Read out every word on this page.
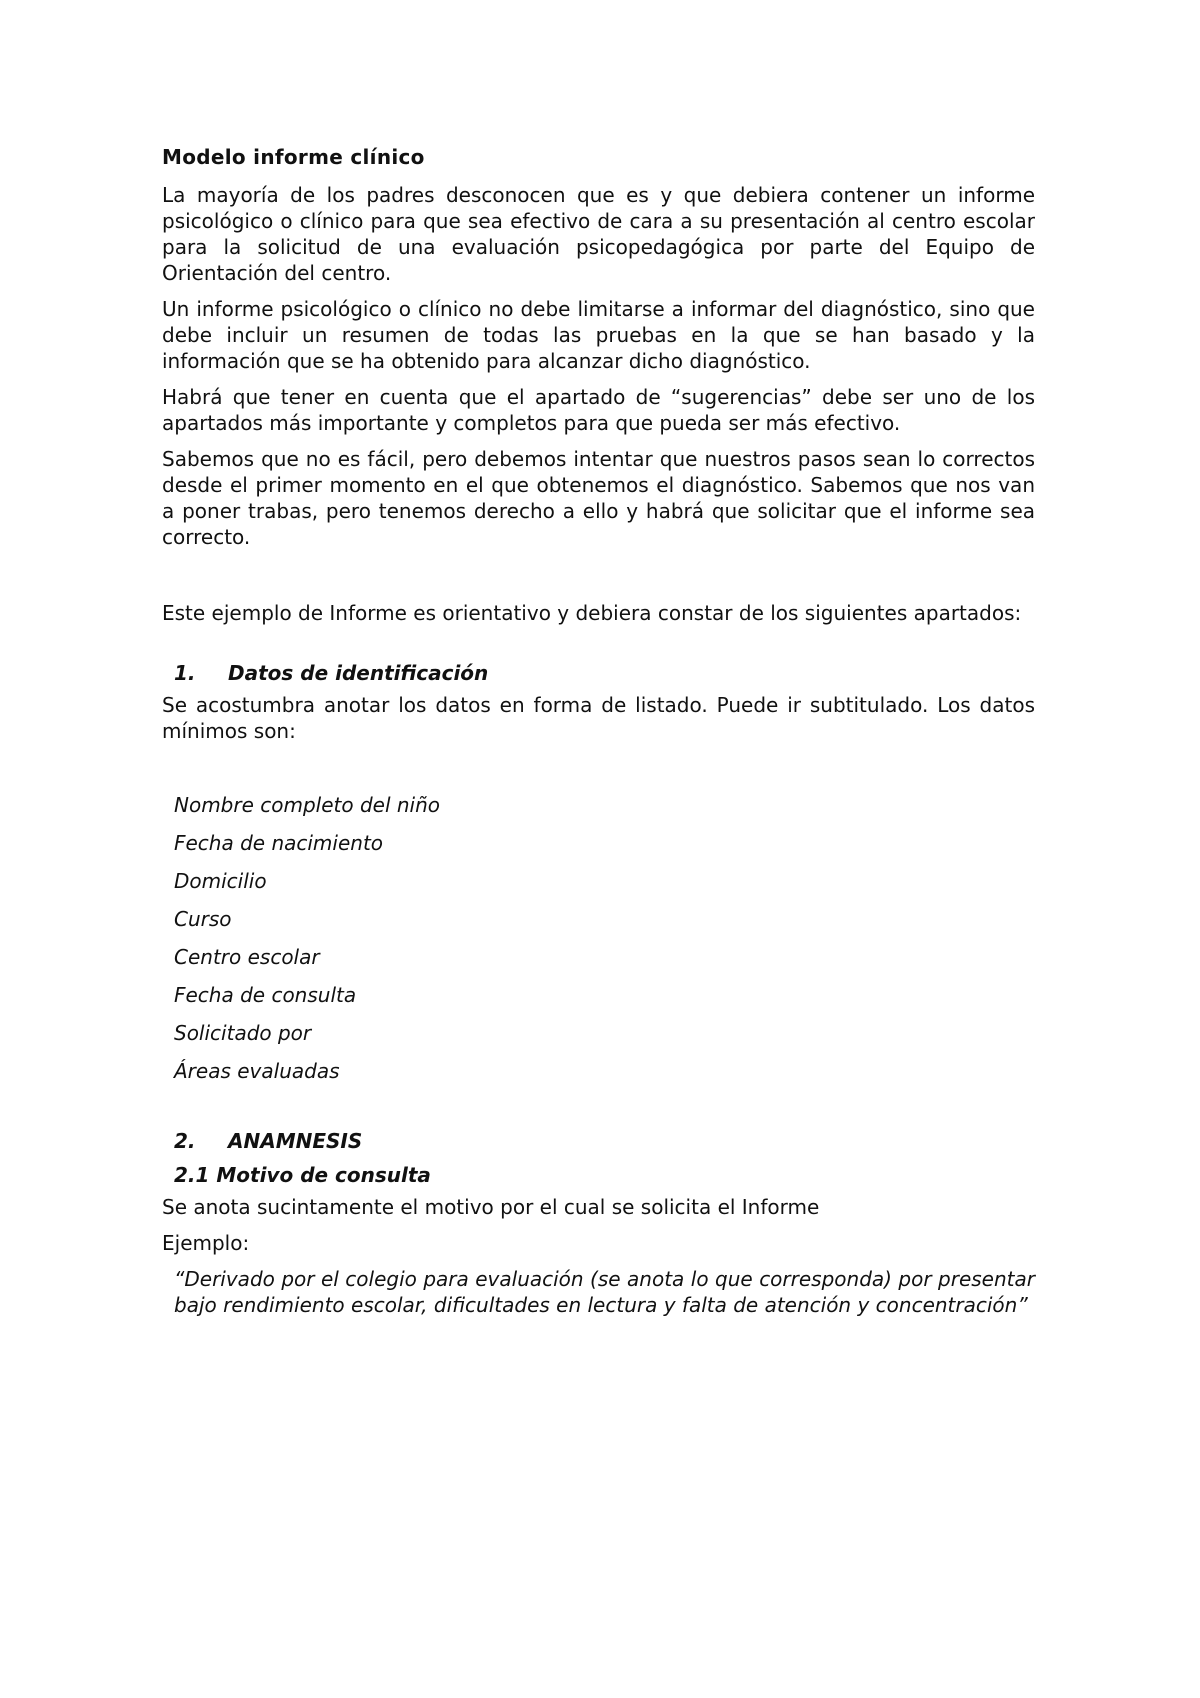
Modelo informe clínico

La mayoría de los padres desconocen que es y que debiera contener un informe psicológico o clínico para que sea efectivo de cara a su presentación al centro escolar para la solicitud de una evaluación psicopedagógica por parte del Equipo de Orientación del centro.

Un informe psicológico o clínico no debe limitarse a informar del diagnóstico, sino que debe incluir un resumen de todas las pruebas en la que se han basado y la información que se ha obtenido para alcanzar dicho diagnóstico.

Habrá que tener en cuenta que el apartado de “sugerencias” debe ser uno de los apartados más importante y completos para que pueda ser más efectivo.

Sabemos que no es fácil, pero debemos intentar que nuestros pasos sean lo correctos desde el primer momento en el que obtenemos el diagnóstico. Sabemos que nos van a poner trabas, pero tenemos derecho a ello y habrá que solicitar que el informe sea correcto.

Este ejemplo de Informe es orientativo y debiera constar de los siguientes apartados:

1.	Datos de identificación

Se acostumbra anotar los datos en forma de listado. Puede ir subtitulado. Los datos mínimos son:

Nombre completo del niño
Fecha de nacimiento
Domicilio
Curso
Centro escolar
Fecha de consulta
Solicitado por
Áreas evaluadas
2.	ANAMNESIS
2.1 Motivo de consulta

Se anota sucintamente el motivo por el cual se solicita el Informe

Ejemplo:

“Derivado por el colegio para evaluación (se anota lo que corresponda) por presentar bajo rendimiento escolar, dificultades en lectura y falta de atención y concentración”
